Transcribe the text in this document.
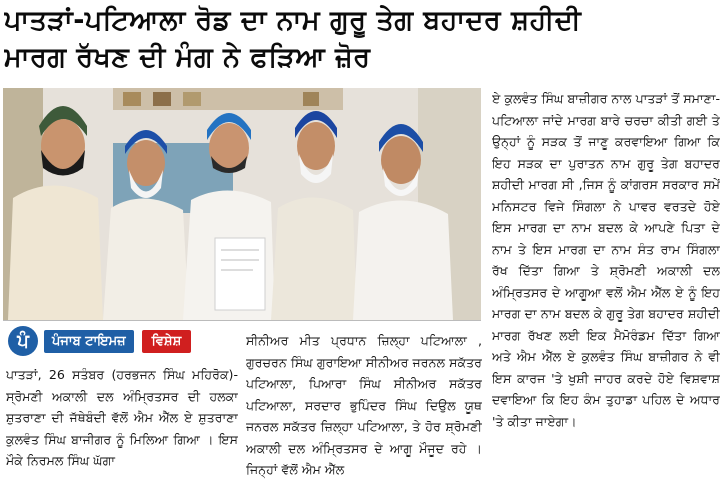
ਪਾਤੜਾਂ-ਪਟਿਆਲਾ ਰੋਡ ਦਾ ਨਾਮ ਗੁਰੂ ਤੇਗ ਬਹਾਦਰ ਸ਼ਹੀਦੀ
ਮਾਰਗ ਰੱਖਣ ਦੀ ਮੰਗ ਨੇ ਫੜਿਆ ਜ਼ੋਰ
ਪੰ	ਪੰਜਾਬ ਟਾਇਮਜ਼	ਵਿਸ਼ੇਸ਼

ਪਾਤੜਾਂ, 26 ਸਤੰਬਰ (ਹਰਭਜਨ ਸਿੰਘ ਮਹਿਰੋਕ)-ਸ੍ਰੋਮਣੀ ਅਕਾਲੀ ਦਲ ਅੰਮ੍ਰਿਤਸਰ ਦੀ ਹਲਕਾ ਸ਼ੁਤਰਾਣਾ ਦੀ ਜੱਥੇਬੰਦੀ ਵੱਲੋਂ ਐਮ ਐੱਲ ਏ ਸ਼ੁਤਰਾਣਾ ਕੁਲਵੰਤ ਸਿੰਘ ਬਾਜੀਗਰ ਨੂੰ ਮਿਲਿਆ ਗਿਆ । ਇਸ ਮੌਕੇ ਨਿਰਮਲ ਸਿੰਘ ਘੱਗਾ

ਸੀਨੀਅਰ ਮੀਤ ਪ੍ਰਧਾਨ ਜ਼ਿਲ੍ਹਾ ਪਟਿਆਲਾ , ਗੁਰਚਰਨ ਸਿੰਘ ਗੁਰਾਇਆ ਸੀਨੀਅਰ ਜਰਨਲ ਸਕੱਤਰ ਪਟਿਆਲਾ, ਪਿਆਰਾ ਸਿੰਘ ਸੀਨੀਅਰ ਸਕੱਤਰ ਪਟਿਆਲਾ, ਸਰਦਾਰ ਭੁਪਿੰਦਰ ਸਿੰਘ ਦਿਉਲ ਯੂਥ ਜਨਰਲ ਸਕੱਤਰ ਜ਼ਿਲ੍ਹਾ ਪਟਿਆਲਾ, ਤੇ ਹੋਰ ਸ਼੍ਰੋਮਣੀ ਅਕਾਲੀ ਦਲ ਅੰਮ੍ਰਿਤਸਰ ਦੇ ਆਗੂ ਮੌਜੂਦ ਰਹੇ । ਜਿਨ੍ਹਾਂ ਵੱਲੋਂ ਐਮ ਐੱਲ

ਏ ਕੁਲਵੰਤ ਸਿੰਘ ਬਾਜ਼ੀਗਰ ਨਾਲ ਪਾਤੜਾਂ ਤੋਂ ਸਮਾਣਾ- ਪਟਿਆਲਾ ਜਾਂਦੇ ਮਾਰਗ ਬਾਰੇ ਚਰਚਾ ਕੀਤੀ ਗਈ ਤੇ ਉਨ੍ਹਾਂ ਨੂੰ ਸੜਕ ਤੋਂ ਜਾਣੂ ਕਰਵਾਇਆ ਗਿਆ ਕਿ ਇਹ ਸੜਕ ਦਾ ਪੁਰਾਤਨ ਨਾਮ ਗੁਰੂ ਤੇਗ ਬਹਾਦਰ ਸ਼ਹੀਦੀ ਮਾਰਗ ਸੀ ,ਜਿਸ ਨੂੰ ਕਾਂਗਰਸ ਸਰਕਾਰ ਸਮੇਂ ਮਨਿਸਟਰ ਵਿਜੇ ਸਿੰਗਲਾ ਨੇ ਪਾਵਰ ਵਰਤਦੇ ਹੋਏ ਇਸ ਮਾਰਗ ਦਾ ਨਾਮ ਬਦਲ ਕੇ ਆਪਣੇ ਪਿਤਾ ਦੇ ਨਾਮ ਤੇ ਇਸ ਮਾਰਗ ਦਾ ਨਾਮ ਸੰਤ ਰਾਮ ਸਿੰਗਲਾ ਰੱਖ ਦਿੱਤਾ ਗਿਆ ਤੇ ਸ਼੍ਰੋਮਣੀ ਅਕਾਲੀ ਦਲ ਅੰਮ੍ਰਿਤਸਰ ਦੇ ਆਗੂਆ ਵਲੋਂ ਐਮ ਐੱਲ ਏ ਨੂੰ ਇਹ ਮਾਰਗ ਦਾ ਨਾਮ ਬਦਲ ਕੇ ਗੁਰੂ ਤੇਗ ਬਹਾਦਰ ਸ਼ਹੀਦੀ ਮਾਰਗ ਰੱਖਣ ਲਈ ਇਕ ਮੈਮੋਰੰਡਮ ਦਿੱਤਾ ਗਿਆ ਅਤੇ ਐਮ ਐੱਲ ਏ ਕੁਲਵੰਤ ਸਿੰਘ ਬਾਜ਼ੀਗਰ ਨੇ ਵੀ ਇਸ ਕਾਰਜ 'ਤੇ ਖੁਸ਼ੀ ਜਾਹਰ ਕਰਦੇ ਹੋਏ ਵਿਸ਼ਵਾਸ਼ ਦਵਾਇਆ ਕਿ ਇਹ ਕੰਮ ਤੁਹਾਡਾ ਪਹਿਲ ਦੇ ਅਧਾਰ 'ਤੇ ਕੀਤਾ ਜਾਏਗਾ।
